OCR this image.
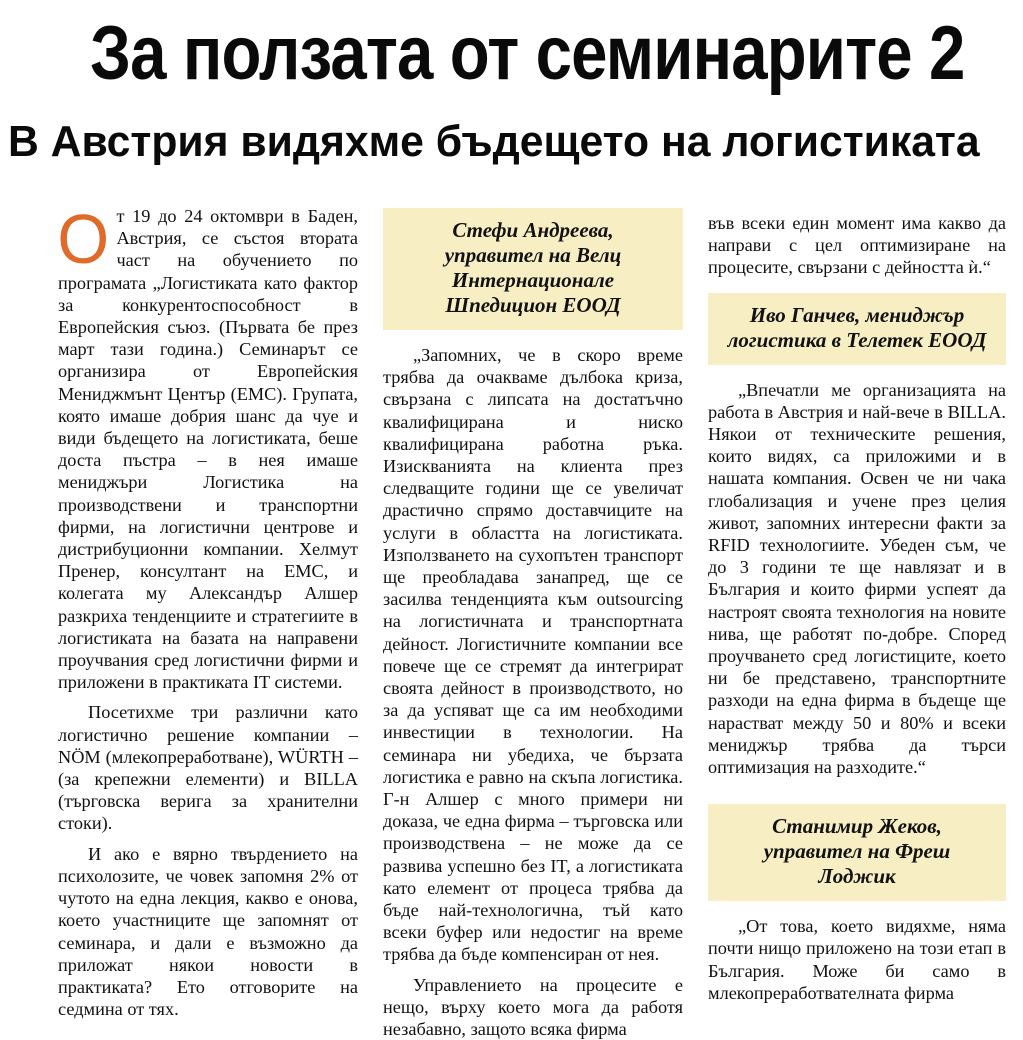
За ползата от семинарите 2
В Австрия видяхме бъдещето на логистиката

От 19 до 24 октомври в Баден, Австрия, се състоя втората част на обучението по програмата „Логистиката като фактор за конкурентоспособност в Европейския съюз. (Първата бе през март тази година.) Семинарът се организира от Европейския Мениджмънт Център (ЕМС). Групата, която имаше добрия шанс да чуе и види бъдещето на логистиката, беше доста пъстра – в нея имаше мениджъри Логистика на производствени и транспортни фирми, на логистични центрове и дистрибуционни компании. Хелмут Пренер, консултант на ЕМС, и колегата му Александър Алшер разкриха тенденциите и стратегиите в логистиката на базата на направени проучвания сред логистични фирми и приложени в практиката IT системи.

Посетихме три различни като логистично решение компании – NÖM (млекопреработване), WÜRTH – (за крепежни елементи) и BILLA (търговска верига за хранителни стоки).

И ако е вярно твърдението на психолозите, че човек запомня 2% от чутото на една лекция, какво е онова, което участниците ще запомнят от семинара, и дали е възможно да приложат някои новости в практиката? Ето отговорите на седмина от тях.

Стефи Андреева,

управител на Велц

Интернационале

Шпедицион ЕООД

„Запомних, че в скоро време трябва да очакваме дълбока криза, свързана с липсата на достатъчно квалифицирана и ниско квалифицирана работна ръка. Изискванията на клиента през следващите години ще се увеличат драстично спрямо доставчиците на услуги в областта на логистиката. Използването на сухопътен транспорт ще преобладава занапред, ще се засилва тенденцията към outsourcing на логистичната и транспортната дейност. Логистичните компании все повече ще се стремят да интегрират своята дейност в производството, но за да успяват ще са им необходими инвестиции в технологии. На семинара ни убедиха, че бързата логистика е равно на скъпа логистика. Г-н Алшер с много примери ни доказа, че една фирма – търговска или производствена – не може да се развива успешно без IT, а логистиката като елемент от процеса трябва да бъде най-технологична, тъй като всеки буфер или недостиг на време трябва да бъде компенсиран от нея.

Управлението на процесите е нещо, върху което мога да работя незабавно, защото всяка фирма

във всеки един момент има какво да направи с цел оптимизиране на процесите, свързани с дейността ѝ.“

Иво Ганчев, мениджър

логистика в Телетек ЕООД

„Впечатли ме организацията на работа в Австрия и най-вече в BILLA. Някои от техническите решения, които видях, са приложими и в нашата компания. Освен че ни чака глобализация и учене през целия живот, запомних интересни факти за RFID технологиите. Убеден съм, че до 3 години те ще навлязат и в България и които фирми успеят да настроят своята технология на новите нива, ще работят по-добре. Според проучването сред логистиците, което ни бе представено, транспортните разходи на една фирма в бъдеще ще нарастват между 50 и 80% и всеки мениджър трябва да търси оптимизация на разходите.“

Станимир Жеков,

управител на Фреш

Лоджик

„От това, което видяхме, няма почти нищо приложено на този етап в България. Може би само в млекопреработвателната фирма
